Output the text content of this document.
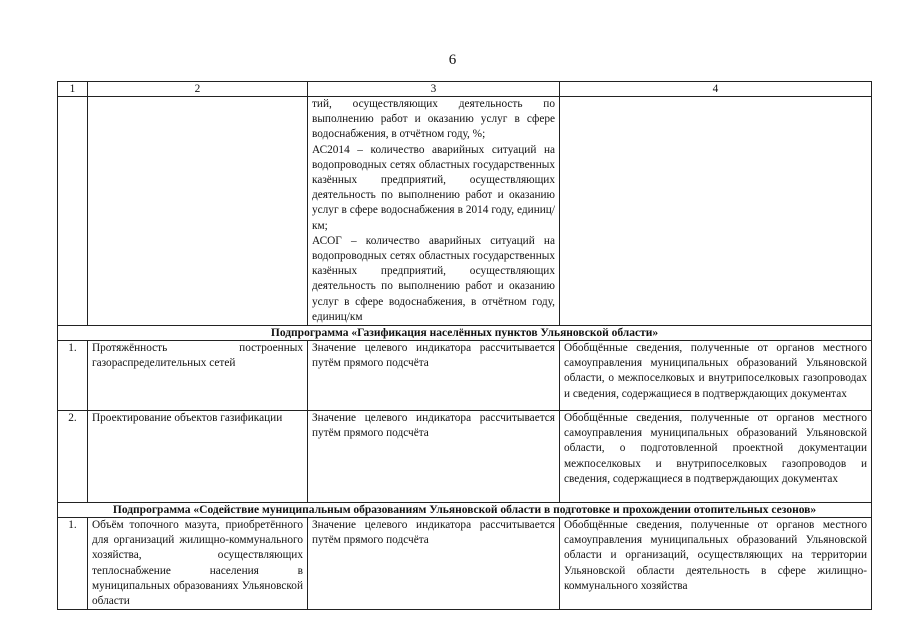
6
1	2	3	4

		тий, осуществляющих деятельность по выполнению работ и оказанию услуг в сфере водоснабжения, в отчётном году, %;
АС2014 – количество аварийных ситуаций на водопроводных сетях областных государственных казённых предприятий, осуществляющих деятельность по выполнению работ и оказанию услуг в сфере водоснабжения в 2014 году, единиц/км;
АСОГ – количество аварийных ситуаций на водопроводных сетях областных государственных казённых предприятий, осуществляющих деятельность по выполнению работ и оказанию услуг в сфере водоснабжения, в отчётном году, единиц/км	

Подпрограмма «Газификация населённых пунктов Ульяновской области»			
1.	Протяжённость построенных газораспределительных сетей	Значение целевого индикатора рассчитывается путём прямого подсчёта	Обобщённые сведения, полученные от органов местного самоуправления муниципальных образований Ульяновской области, о межпоселковых и внутрипоселковых газопроводах и сведения, содержащиеся в подтверждающих документах
2.	Проектирование объектов газификации	Значение целевого индикатора рассчитывается путём прямого подсчёта	Обобщённые сведения, полученные от органов местного самоуправления муниципальных образований Ульяновской области, о подготовленной проектной документации межпоселковых и внутрипоселковых газопроводов и сведения, содержащиеся в подтверждающих документах
Подпрограмма «Содействие муниципальным образованиям Ульяновской области в подготовке и прохождении отопительных сезонов»			
1.	Объём топочного мазута, приобретённого для организаций жилищно-коммунального хозяйства, осуществляющих теплоснабжение населения в муниципальных образованиях Ульяновской области	Значение целевого индикатора рассчитывается путём прямого подсчёта	Обобщённые сведения, полученные от органов местного самоуправления муниципальных образований Ульяновской области и организаций, осуществляющих на территории Ульяновской области деятельность в сфере жилищно-коммунального хозяйства
